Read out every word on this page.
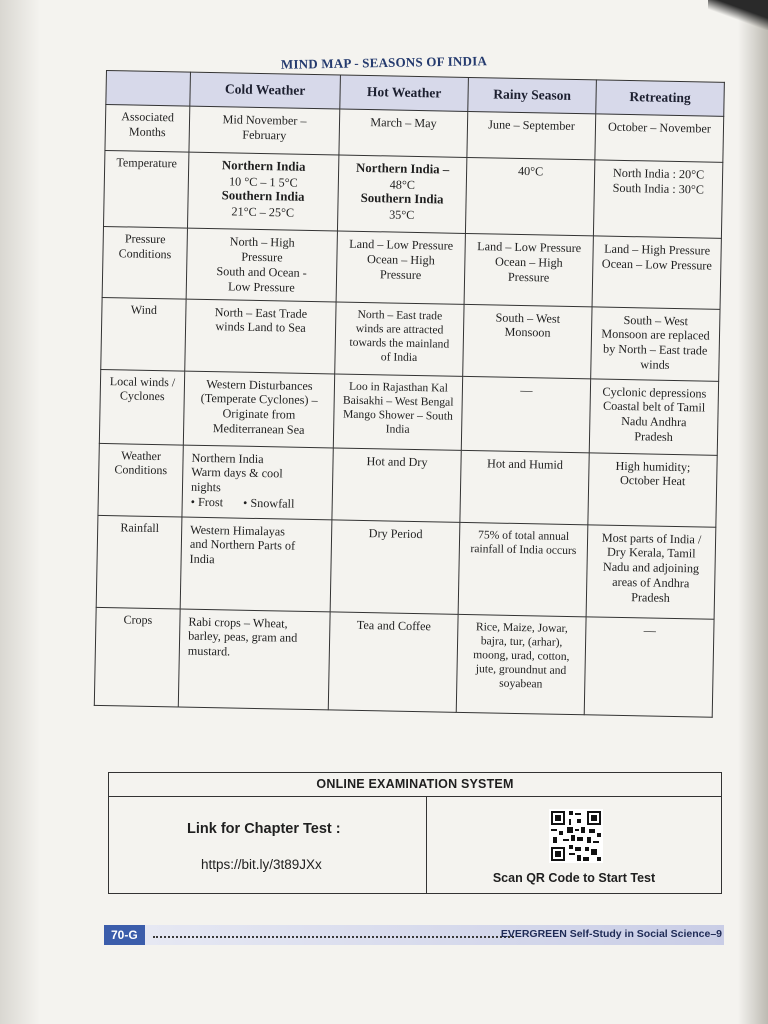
MIND MAP - SEASONS OF INDIA
	Cold Weather	Hot Weather	Rainy Season	Retreating
Associated Months	Mid November –
February	March – May	June – September	October – November

Temperature	Northern India
10 °C – 1 5°C
Southern India
21°C – 25°C	Northern India –
48°C
Southern India
35°C	40°C	North India : 20°C
South India : 30°C

Pressure Conditions	North – High
Pressure
South and Ocean -
Low Pressure	Land – Low Pressure
Ocean – High
Pressure	Land – Low Pressure
Ocean – High
Pressure	Land – High Pressure
Ocean – Low Pressure

Wind	North – East Trade
winds Land to Sea	North – East trade
winds are attracted
towards the mainland
of India	South – West
Monsoon	South – West
Monsoon are replaced
by North – East trade
winds

Local winds / Cyclones	Western Disturbances
(Temperate Cyclones) –
Originate from
Mediterranean Sea	Loo in Rajasthan Kal
Baisakhi – West Bengal
Mango Shower – South
India	—	Cyclonic depressions
Coastal belt of Tamil
Nadu Andhra
Pradesh

Weather Conditions	Northern India
Warm days & cool
nights
• Frost • Snowfall	Hot and Dry	Hot and Humid	High humidity;
October Heat

Rainfall	Western Himalayas
and Northern Parts of
India	Dry Period	75% of total annual
rainfall of India occurs	Most parts of India /
Dry Kerala, Tamil
Nadu and adjoining
areas of Andhra
Pradesh

Crops	Rabi crops – Wheat,
barley, peas, gram and
mustard.	Tea and Coffee	Rice, Maize, Jowar,
bajra, tur, (arhar),
moong, urad, cotton,
jute, groundnut and
soyabean	—
ONLINE EXAMINATION SYSTEM
Link for Chapter Test :
https://bit.ly/3t89JXx
Scan QR Code to Start Test
70-G	EVERGREEN Self-Study in Social Science–9
